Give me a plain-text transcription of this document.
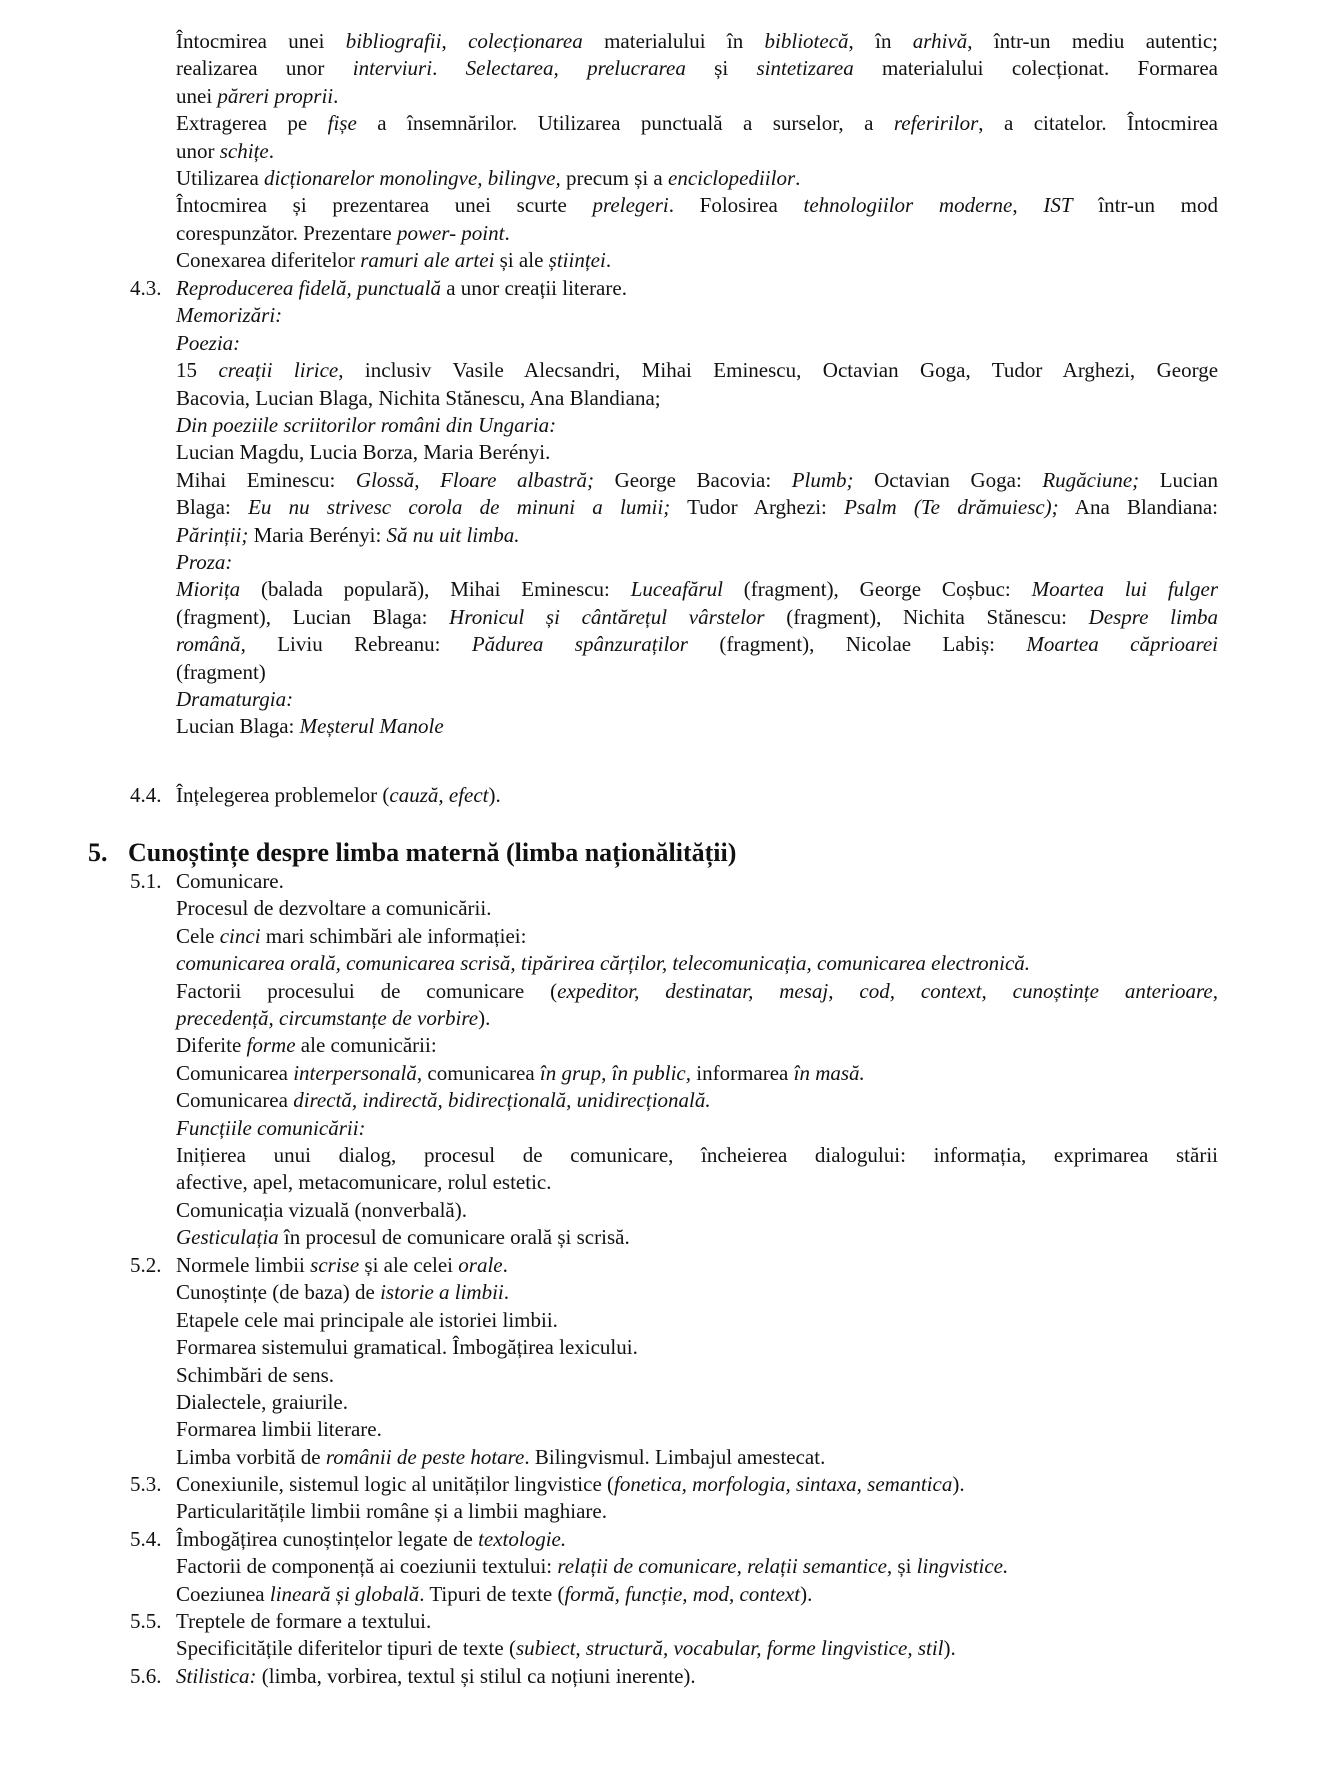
Întocmirea unei bibliografii, colecționarea materialului în bibliotecă, în arhivă, într-un mediu autentic;
realizarea unor interviuri. Selectarea, prelucrarea și sintetizarea materialului colecționat. Formarea
unei păreri proprii.
Extragerea pe fișe a însemnărilor. Utilizarea punctuală a surselor, a referirilor, a citatelor. Întocmirea
unor schițe.
Utilizarea dicționarelor monolingve, bilingve, precum și a enciclopediilor.
Întocmirea și prezentarea unei scurte prelegeri. Folosirea tehnologiilor moderne, IST într-un mod
corespunzător. Prezentare power- point.
Conexarea diferitelor ramuri ale artei și ale științei.
4.3. Reproducerea fidelă, punctuală a unor creații literare.
Memorizări:
Poezia:
15 creații lirice, inclusiv Vasile Alecsandri, Mihai Eminescu, Octavian Goga, Tudor Arghezi, George
Bacovia, Lucian Blaga, Nichita Stănescu, Ana Blandiana;
Din poeziile scriitorilor români din Ungaria:
Lucian Magdu, Lucia Borza, Maria Berényi.
Mihai Eminescu: Glossă, Floare albastră; George Bacovia: Plumb; Octavian Goga: Rugăciune; Lucian
Blaga: Eu nu strivesc corola de minuni a lumii; Tudor Arghezi: Psalm (Te drămuiesc); Ana Blandiana:
Părinții; Maria Berényi: Să nu uit limba.
Proza:
Miorița (balada populară), Mihai Eminescu: Luceafărul (fragment), George Coșbuc: Moartea lui fulger
(fragment), Lucian Blaga: Hronicul și cântărețul vârstelor (fragment), Nichita Stănescu: Despre limba
română, Liviu Rebreanu: Pădurea spânzuraților (fragment), Nicolae Labiș: Moartea căprioarei
(fragment)
Dramaturgia:
Lucian Blaga: Meșterul Manole
4.4. Înțelegerea problemelor (cauză, efect).
5. Cunoștințe despre limba maternă (limba naționălității)
5.1. Comunicare.
Procesul de dezvoltare a comunicării.
Cele cinci mari schimbări ale informației:
comunicarea orală, comunicarea scrisă, tipărirea cărților, telecomunicația, comunicarea electronică.
Factorii procesului de comunicare (expeditor, destinatar, mesaj, cod, context, cunoștințe anterioare,
precedență, circumstanțe de vorbire).
Diferite forme ale comunicării:
Comunicarea interpersonală, comunicarea în grup, în public, informarea în masă.
Comunicarea directă, indirectă, bidirecțională, unidirecțională.
Funcțiile comunicării:
Inițierea unui dialog, procesul de comunicare, încheierea dialogului: informația, exprimarea stării
afective, apel, metacomunicare, rolul estetic.
Comunicația vizuală (nonverbală).
Gesticulația în procesul de comunicare orală și scrisă.
5.2. Normele limbii scrise și ale celei orale.
Cunoștințe (de baza) de istorie a limbii.
Etapele cele mai principale ale istoriei limbii.
Formarea sistemului gramatical. Îmbogățirea lexicului.
Schimbări de sens.
Dialectele, graiurile.
Formarea limbii literare.
Limba vorbită de românii de peste hotare. Bilingvismul. Limbajul amestecat.
5.3. Conexiunile, sistemul logic al unităților lingvistice (fonetica, morfologia, sintaxa, semantica).
Particularitățile limbii române și a limbii maghiare.
5.4. Îmbogățirea cunoștințelor legate de textologie.
Factorii de componență ai coeziunii textului: relații de comunicare, relații semantice, și lingvistice.
Coeziunea lineară și globală. Tipuri de texte (formă, funcție, mod, context).
5.5. Treptele de formare a textului.
Specificitățile diferitelor tipuri de texte (subiect, structură, vocabular, forme lingvistice, stil).
5.6. Stilistica: (limba, vorbirea, textul și stilul ca noțiuni inerente).
